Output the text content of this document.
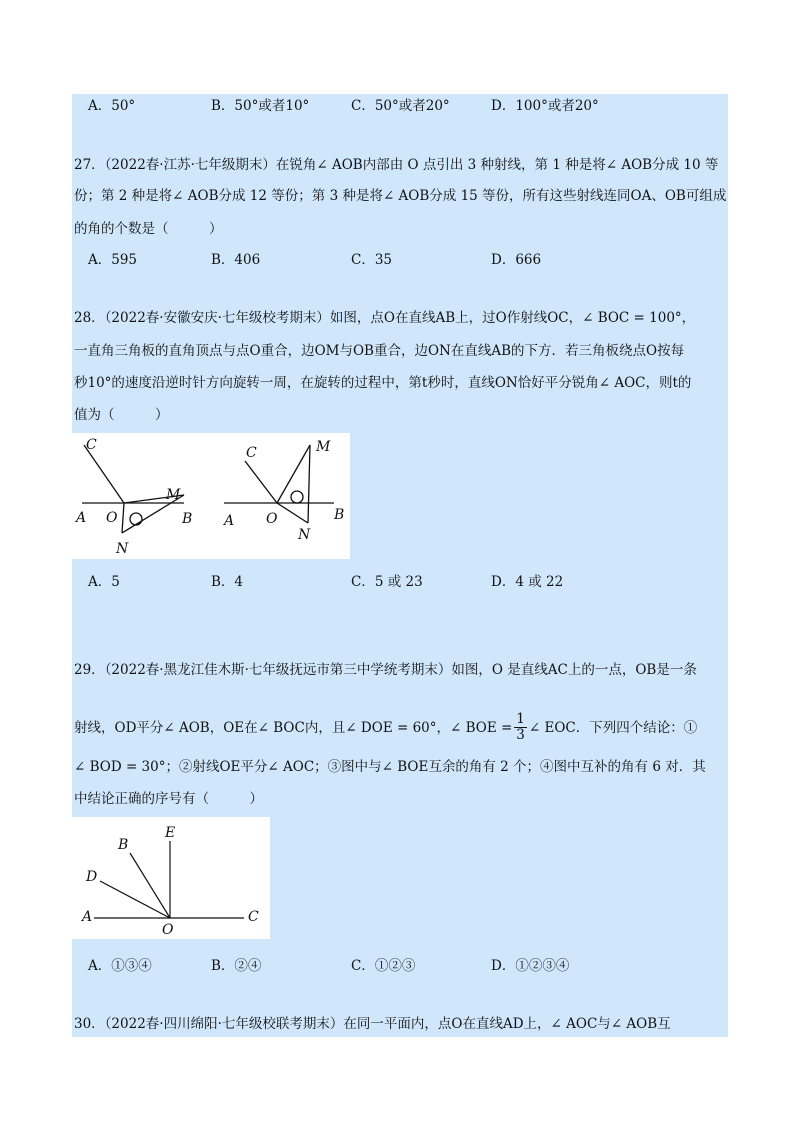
A．50°	B．50°或者10°	C．50°或者20°	D．100°或者20°
27．（2022春·江苏·七年级期末）在锐角∠ AOB内部由 O 点引出 3 种射线，第 1 种是将∠ AOB分成 10 等
份；第 2 种是将∠ AOB分成 12 等份；第 3 种是将∠ AOB分成 15 等份，所有这些射线连同OA、OB可组成
的角的个数是（　　　）
A．595	B．406	C．35	D．666
28．（2022春·安徽安庆·七年级校考期末）如图，点O在直线AB上，过O作射线OC，∠ BOC = 100°，
一直角三角板的直角顶点与点O重合，边OM与OB重合，边ON在直线AB的下方．若三角板绕点O按每
秒10°的速度沿逆时针方向旋转一周，在旋转的过程中，第t秒时，直线ON恰好平分锐角∠ AOC，则t的
值为（　　　）
C
M
A O	B
N
C	M
A O	B
N
A．5	B．4	C．5 或 23	D．4 或 22
29．（2022春·黑龙江佳木斯·七年级抚远市第三中学统考期末）如图，O 是直线AC上的一点，OB是一条
射线，OD平分∠ AOB，OE在∠ BOC内，且∠ DOE = 60°，∠ BOE = $\frac{1}{3}$ ∠ EOC．下列四个结论：①
∠ BOD = 30°；②射线OE平分∠ AOC；③图中与∠ BOE互余的角有 2 个；④图中互补的角有 6 对．其
中结论正确的序号有（　　　）
E
B
D
A
O
C
A．①③④	B．②④	C．①②③	D．①②③④
30．（2022春·四川绵阳·七年级校联考期末）在同一平面内，点O在直线AD上，∠ AOC与∠ AOB互
